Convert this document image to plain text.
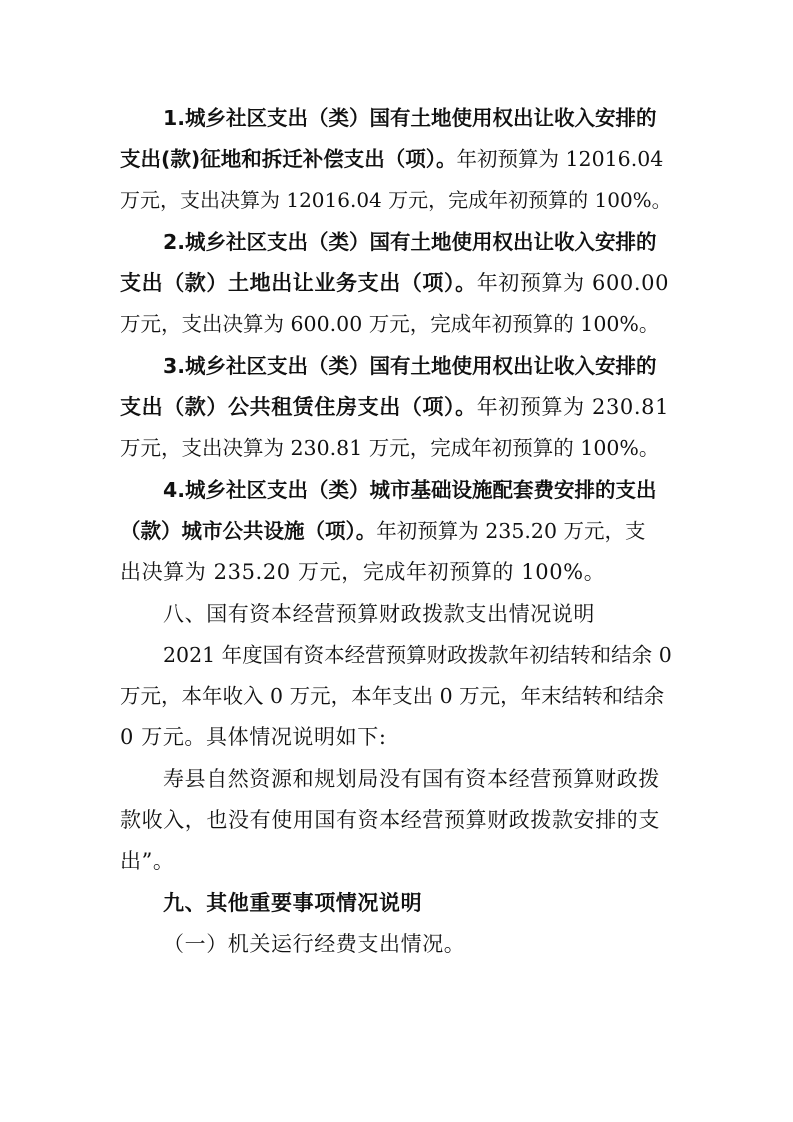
1.城乡社区支出（类）国有土地使用权出让收入安排的
支出(款)征地和拆迁补偿支出（项）。年初预算为 12016.04
万元，支出决算为 12016.04 万元，完成年初预算的 100%。
2.城乡社区支出（类）国有土地使用权出让收入安排的
支出（款）土地出让业务支出（项）。年初预算为 600.00
万元，支出决算为 600.00 万元，完成年初预算的 100%。
3.城乡社区支出（类）国有土地使用权出让收入安排的
支出（款）公共租赁住房支出（项）。年初预算为 230.81
万元，支出决算为 230.81 万元，完成年初预算的 100%。
4.城乡社区支出（类）城市基础设施配套费安排的支出
（款）城市公共设施（项）。年初预算为 235.20 万元，支
出决算为 235.20 万元，完成年初预算的 100%。
八、国有资本经营预算财政拨款支出情况说明
2021 年度国有资本经营预算财政拨款年初结转和结余 0
万元，本年收入 0 万元，本年支出 0 万元，年末结转和结余
0 万元。具体情况说明如下:
寿县自然资源和规划局没有国有资本经营预算财政拨
款收入，也没有使用国有资本经营预算财政拨款安排的支
出”。
九、其他重要事项情况说明
（一）机关运行经费支出情况。
